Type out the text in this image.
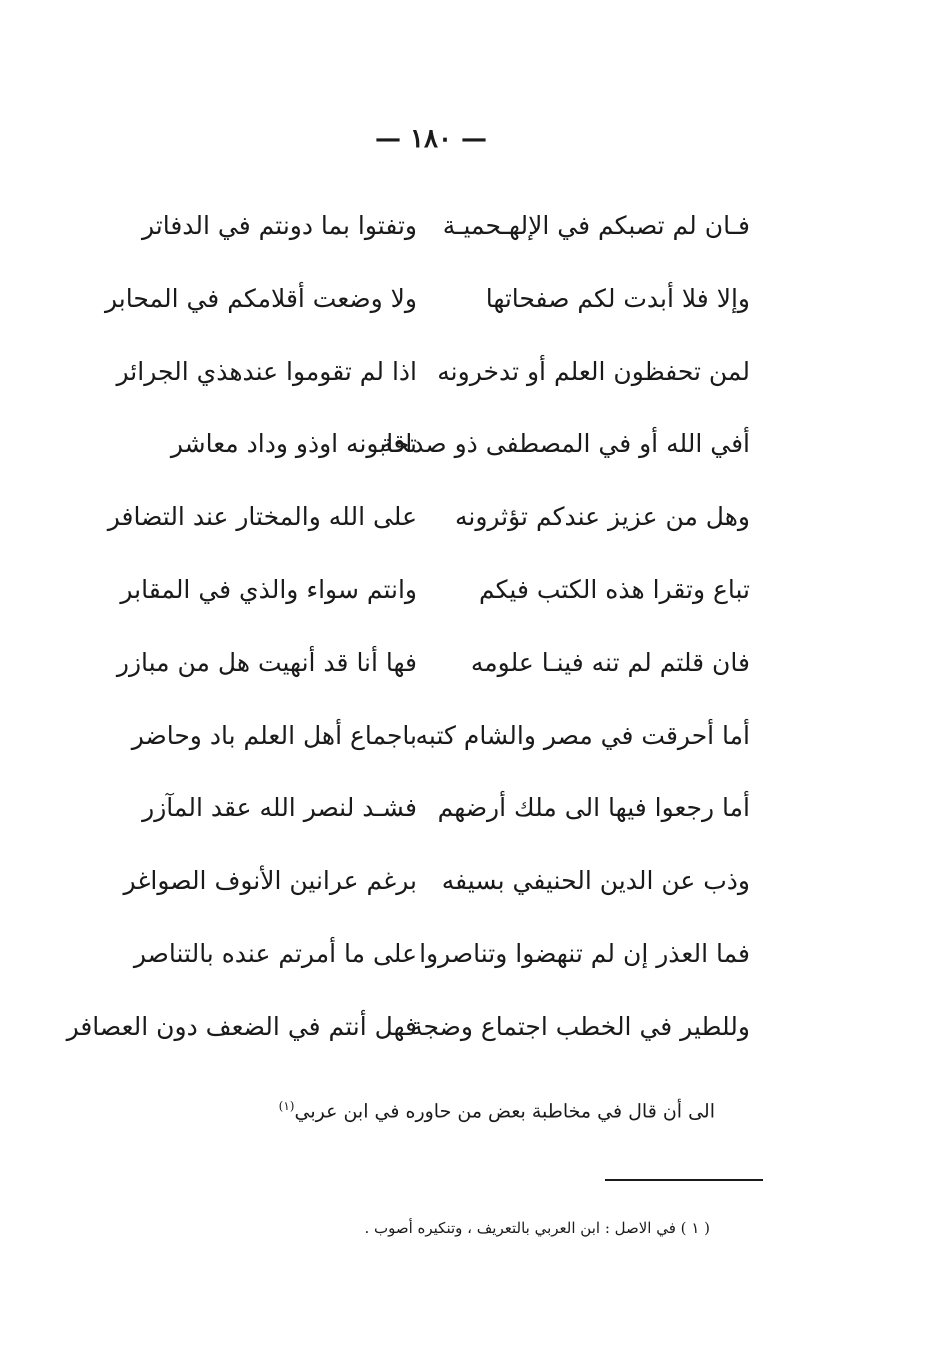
— ١٨٠ —
فـان لم تصبكم في الإلهـحميـة
وتفتوا بما دونتم في الدفاتر
وإلا فلا أبدت لكم صفحاتها
ولا وضعت أقلامكم في المحابر
لمن تحفظون العلم أو تدخرونه
اذا لم تقوموا عندهذي الجرائر
أفي الله أو في المصطفى ذو صداقة
تحابونه اوذو وداد معاشر
وهل من عزيز عندكم تؤثرونه
على الله والمختار عند التضافر
تباع وتقرا هذه الكتب فيكم
وانتم سواء والذي في المقابر
فان قلتم لم تنه فينـا علومه
فها أنا قد أنهيت هل من مبازر
أما أحرقت في مصر والشام كتبه
باجماع أهل العلم باد وحاضر
أما رجعوا فيها الى ملك أرضهم
فشـد لنصر الله عقد المآزر
وذب عن الدين الحنيفي بسيفه
برغم عرانين الأنوف الصواغر
فما العذر إن لم تنهضوا وتناصروا
على ما أمرتم عنده بالتناصر
وللطير في الخطب اجتماع وضجة
فهل أنتم في الضعف دون العصافر
الى أن قال في مخاطبة بعض من حاوره في ابن عربي$^{(١)}$
( ١ ) في الاصل : ابن العربي بالتعريف ، وتنكيره أصوب .
